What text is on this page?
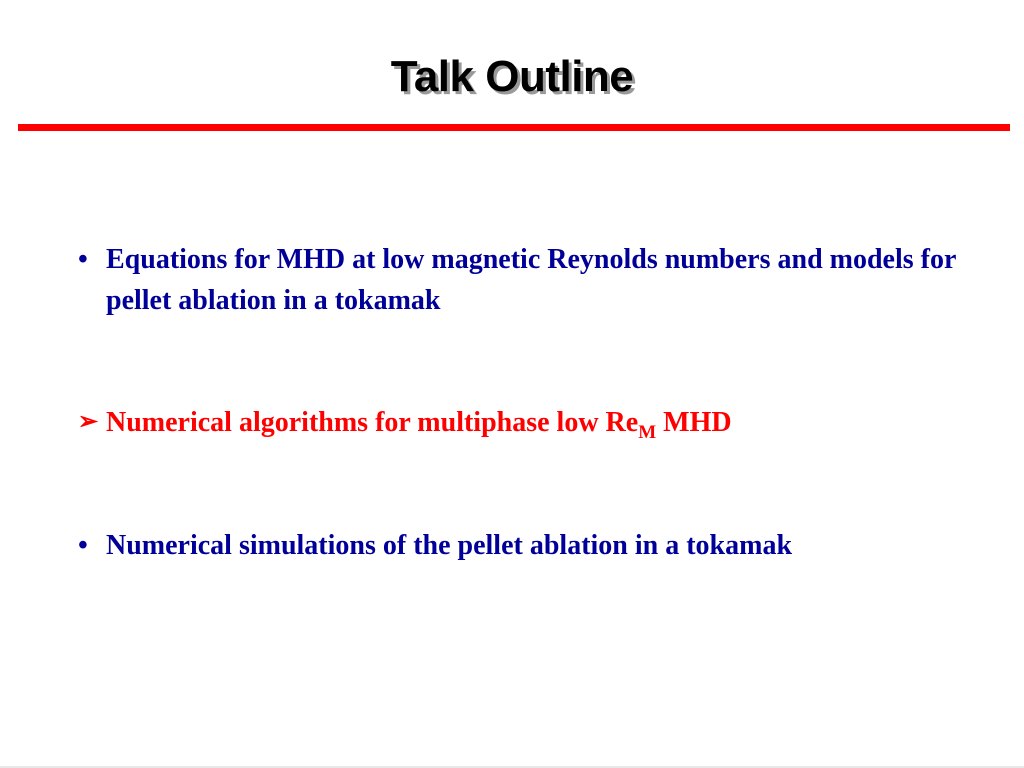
Talk Outline
• Equations for MHD at low magnetic Reynolds numbers and models for pellet ablation in a tokamak
➢ Numerical algorithms for multiphase low $Re_M$ MHD
• Numerical simulations of the pellet ablation in a tokamak
